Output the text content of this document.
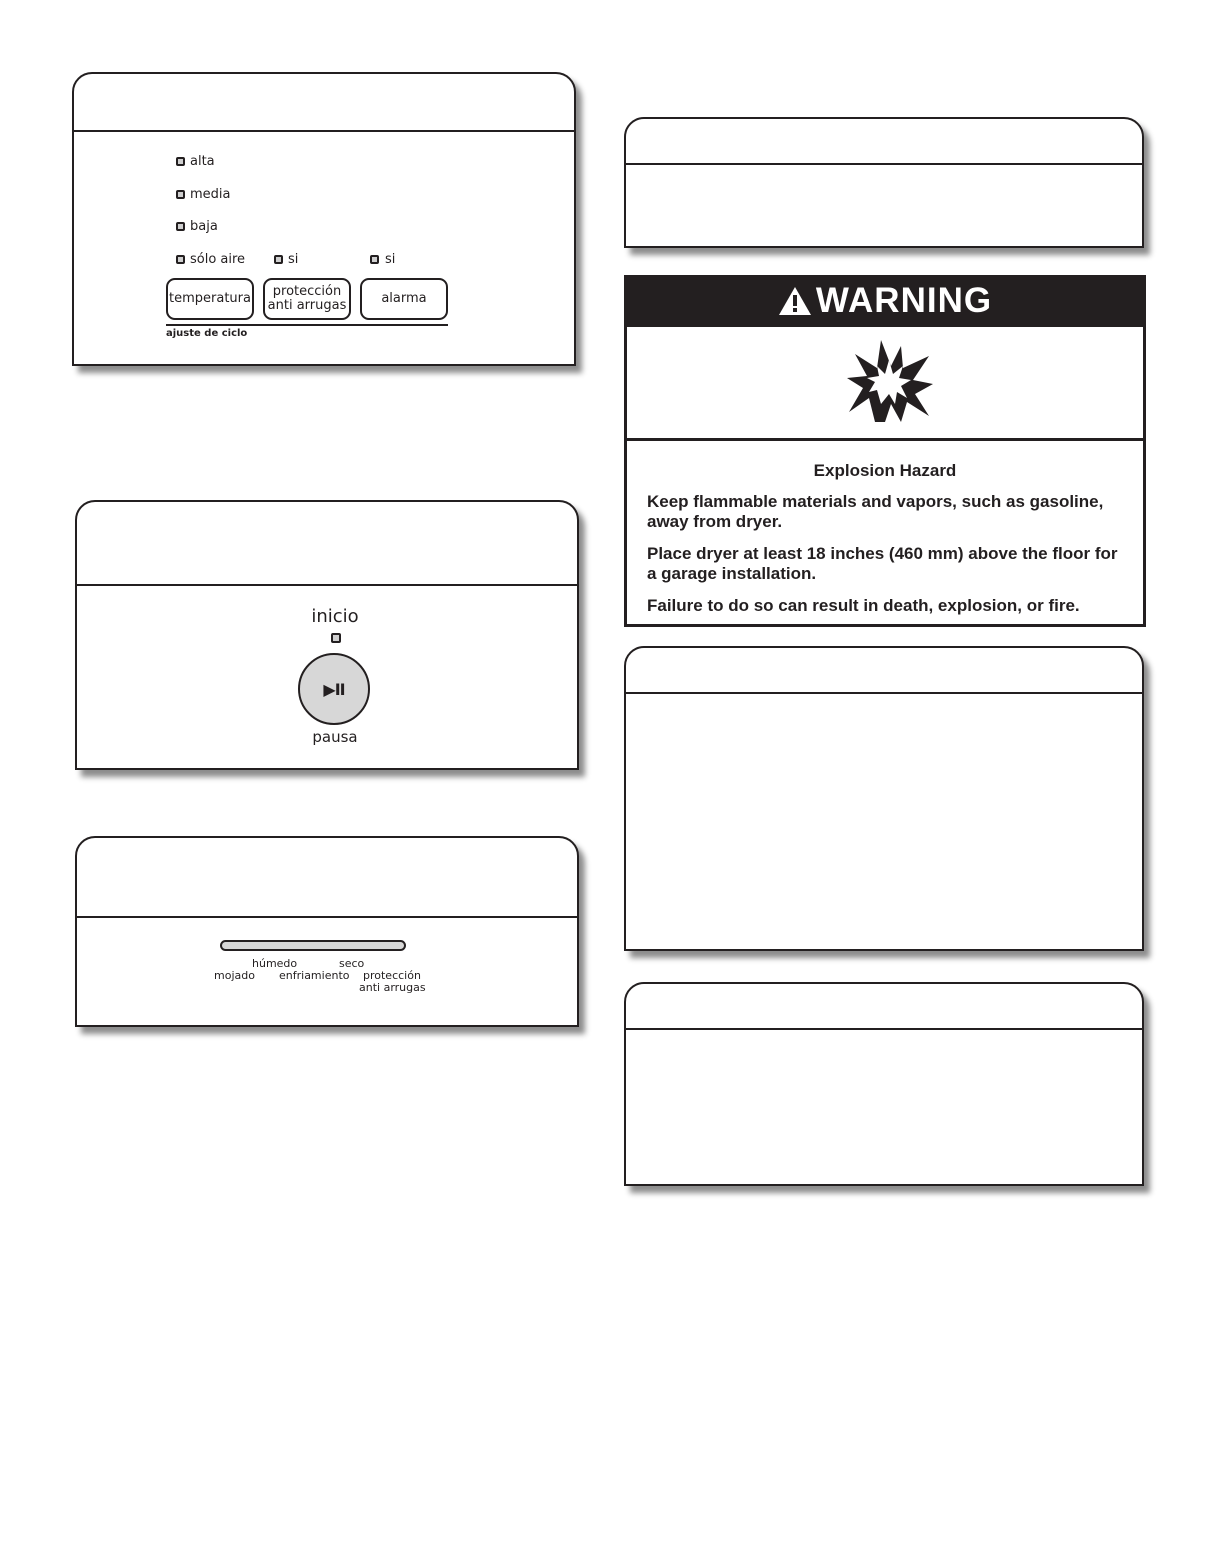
alta
media
baja
sólo aire	si	si
temperatura protección
anti arrugas	alarma
ajuste de ciclo
inicio
▶II
pausa
húmedo	seco
mojado enfriamiento protección
anti arrugas
WARNING
Explosion Hazard
Keep flammable materials and vapors, such as gasoline, away from dryer.
Place dryer at least 18 inches (460 mm) above the floor for a garage installation.
Failure to do so can result in death, explosion, or fire.
